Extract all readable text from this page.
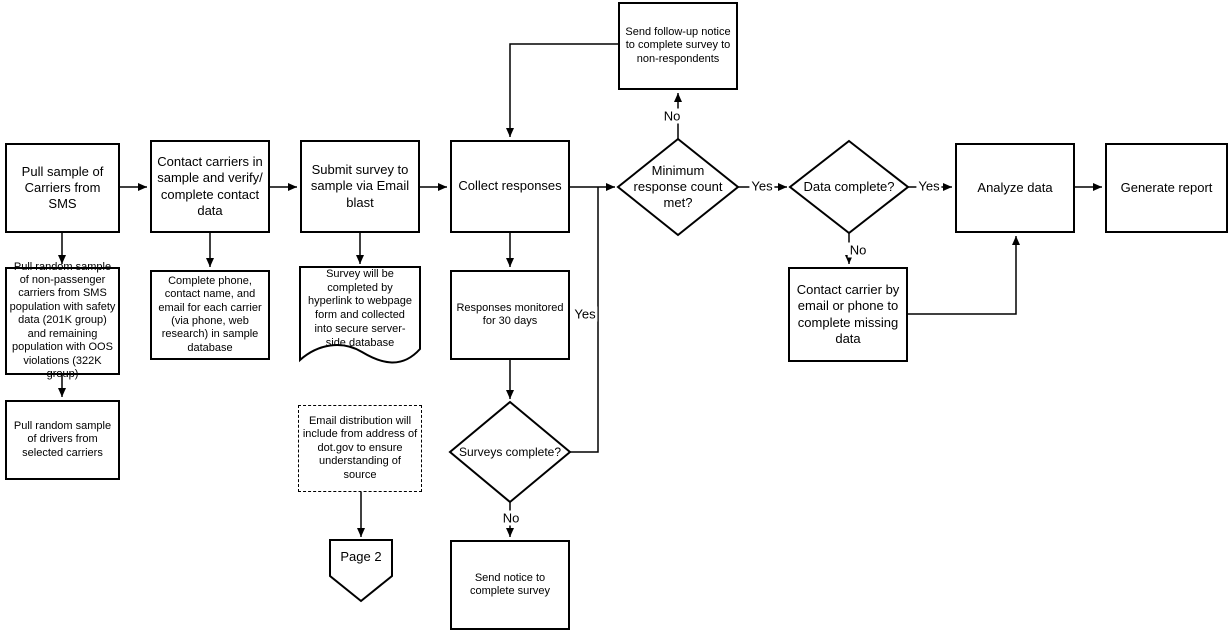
Pull sample of Carriers from SMS
Contact carriers in sample and verify/ complete contact data
Submit survey to sample via Email blast
Collect responses	Analyze data	Generate report
Send follow-up notice to complete survey to non-respondents
Pull random sample of non-passenger carriers from SMS population with safety data (201K group) and remaining population with OOS violations (322K group)
Complete phone, contact name, and email for each carrier (via phone, web research) in sample database
Responses monitored for 30 days
Contact carrier by email or phone to complete missing data
Pull random sample of drivers from selected carriers
Email distribution will include from address of dot.gov to ensure understanding of source
Send notice to complete survey
Minimum response count met?
Data complete?
Surveys complete?
Survey will be completed by hyperlink to webpage form and collected into secure server-side database
Page 2
No
Yes	Yes
No
Yes
No
